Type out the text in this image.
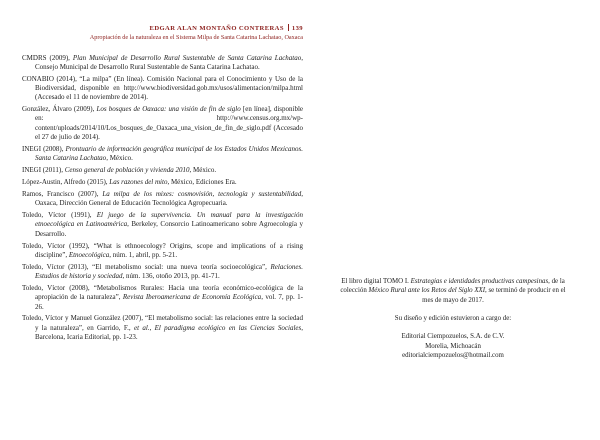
EDGAR ALAN MONTAÑO CONTRERAS 139
Apropiación de la naturaleza en el Sistema Milpa de Santa Catarina Lachatao, Oaxaca

CMDRS (2009), Plan Municipal de Desarrollo Rural Sustentable de Santa Catarina Lachatao, Consejo Municipal de Desarrollo Rural Sustentable de Santa Catarina Lachatao.

CONABIO (2014), “La milpa” (En línea). Comisión Nacional para el Conocimiento y Uso de la Biodiversidad, disponible en http://www.biodiversidad.gob.mx/usos/alimentacion/milpa.html (Accesado el 11 de noviembre de 2014).

González, Álvaro (2009), Los bosques de Oaxaca: una visión de fin de siglo [en línea], disponible en: http://www.census.org.mx/wp-content/uploads/2014/10/Los_bosques_de_Oaxaca_una_vision_de_fin_de_siglo.pdf (Accesado el 27 de julio de 2014).

INEGI (2008), Prontuario de información geográfica municipal de los Estados Unidos Mexicanos. Santa Catarina Lachatao, México.

INEGI (2011), Censo general de población y vivienda 2010, México.

López-Austin, Alfredo (2015), Las razones del mito, México, Ediciones Era.

Ramos, Francisco (2007), La milpa de los mixes: cosmovisión, tecnología y sustentabilidad, Oaxaca, Dirección General de Educación Tecnológica Agropecuaria.

Toledo, Víctor (1991), El juego de la supervivencia. Un manual para la investigación etnoecológica en Latinoamérica, Berkeley, Consorcio Latinoamericano sobre Agroecología y Desarrollo.

Toledo, Víctor (1992), “What is ethnoecology? Origins, scope and implications of a rising discipline”, Etnoecológica, núm. 1, abril, pp. 5-21.

Toledo, Víctor (2013), “El metabolismo social: una nueva teoría socioecológica”, Relaciones. Estudios de historia y sociedad, núm. 136, otoño 2013, pp. 41-71.

Toledo, Víctor (2008), “Metabolismos Rurales: Hacia una teoría económico-ecológica de la apropiación de la naturaleza”, Revista Iberoamericana de Economía Ecológica, vol. 7, pp. 1-26.

Toledo, Víctor y Manuel González (2007), “El metabolismo social: las relaciones entre la sociedad y la naturaleza”, en Garrido, F., et al., El paradigma ecológico en las Ciencias Sociales, Barcelona, Icaria Editorial, pp. 1-23.

El libro digital TOMO I. Estrategias e identidades productivas campesinas, de la colección México Rural ante los Retos del Siglo XXI, se terminó de producir en el mes de mayo de 2017.

Su diseño y edición estuvieron a cargo de:

Editorial Ciempozuelos, S.A. de C.V.

Morelia, Michoacán

editorialciempozuelos@hotmail.com
